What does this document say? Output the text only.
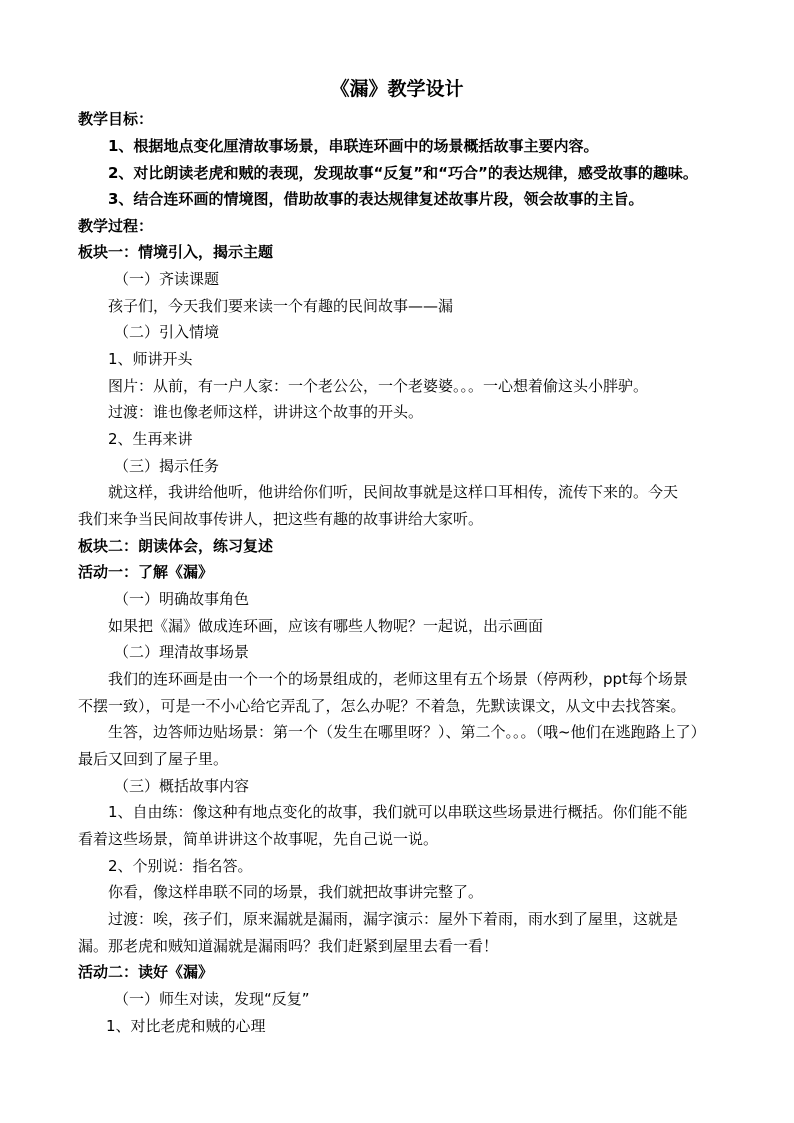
《漏》教学设计
教学目标：
1、根据地点变化厘清故事场景，串联连环画中的场景概括故事主要内容。
2、对比朗读老虎和贼的表现，发现故事“反复”和“巧合”的表达规律，感受故事的趣味。
3、结合连环画的情境图，借助故事的表达规律复述故事片段，领会故事的主旨。
教学过程：
板块一：情境引入，揭示主题
（一）齐读课题
孩子们，今天我们要来读一个有趣的民间故事——漏
（二）引入情境
1、师讲开头
图片：从前，有一户人家：一个老公公，一个老婆婆。。。一心想着偷这头小胖驴。
过渡：谁也像老师这样，讲讲这个故事的开头。
2、生再来讲
（三）揭示任务
就这样，我讲给他听，他讲给你们听，民间故事就是这样口耳相传，流传下来的。今天
我们来争当民间故事传讲人，把这些有趣的故事讲给大家听。
板块二：朗读体会，练习复述
活动一：了解《漏》
（一）明确故事角色
如果把《漏》做成连环画，应该有哪些人物呢？一起说，出示画面
（二）理清故事场景
我们的连环画是由一个一个的场景组成的，老师这里有五个场景（停两秒，ppt每个场景
不摆一致），可是一不小心给它弄乱了，怎么办呢？不着急，先默读课文，从文中去找答案。
生答，边答师边贴场景：第一个（发生在哪里呀？）、第二个。。。（哦~他们在逃跑路上了）
最后又回到了屋子里。
（三）概括故事内容
1、自由练：像这种有地点变化的故事，我们就可以串联这些场景进行概括。你们能不能
看着这些场景，简单讲讲这个故事呢，先自己说一说。
2、个别说：指名答。
你看，像这样串联不同的场景，我们就把故事讲完整了。
过渡：唉，孩子们，原来漏就是漏雨，漏字演示：屋外下着雨，雨水到了屋里，这就是
漏。那老虎和贼知道漏就是漏雨吗？我们赶紧到屋里去看一看！
活动二：读好《漏》
（一）师生对读，发现“反复”
1、对比老虎和贼的心理
